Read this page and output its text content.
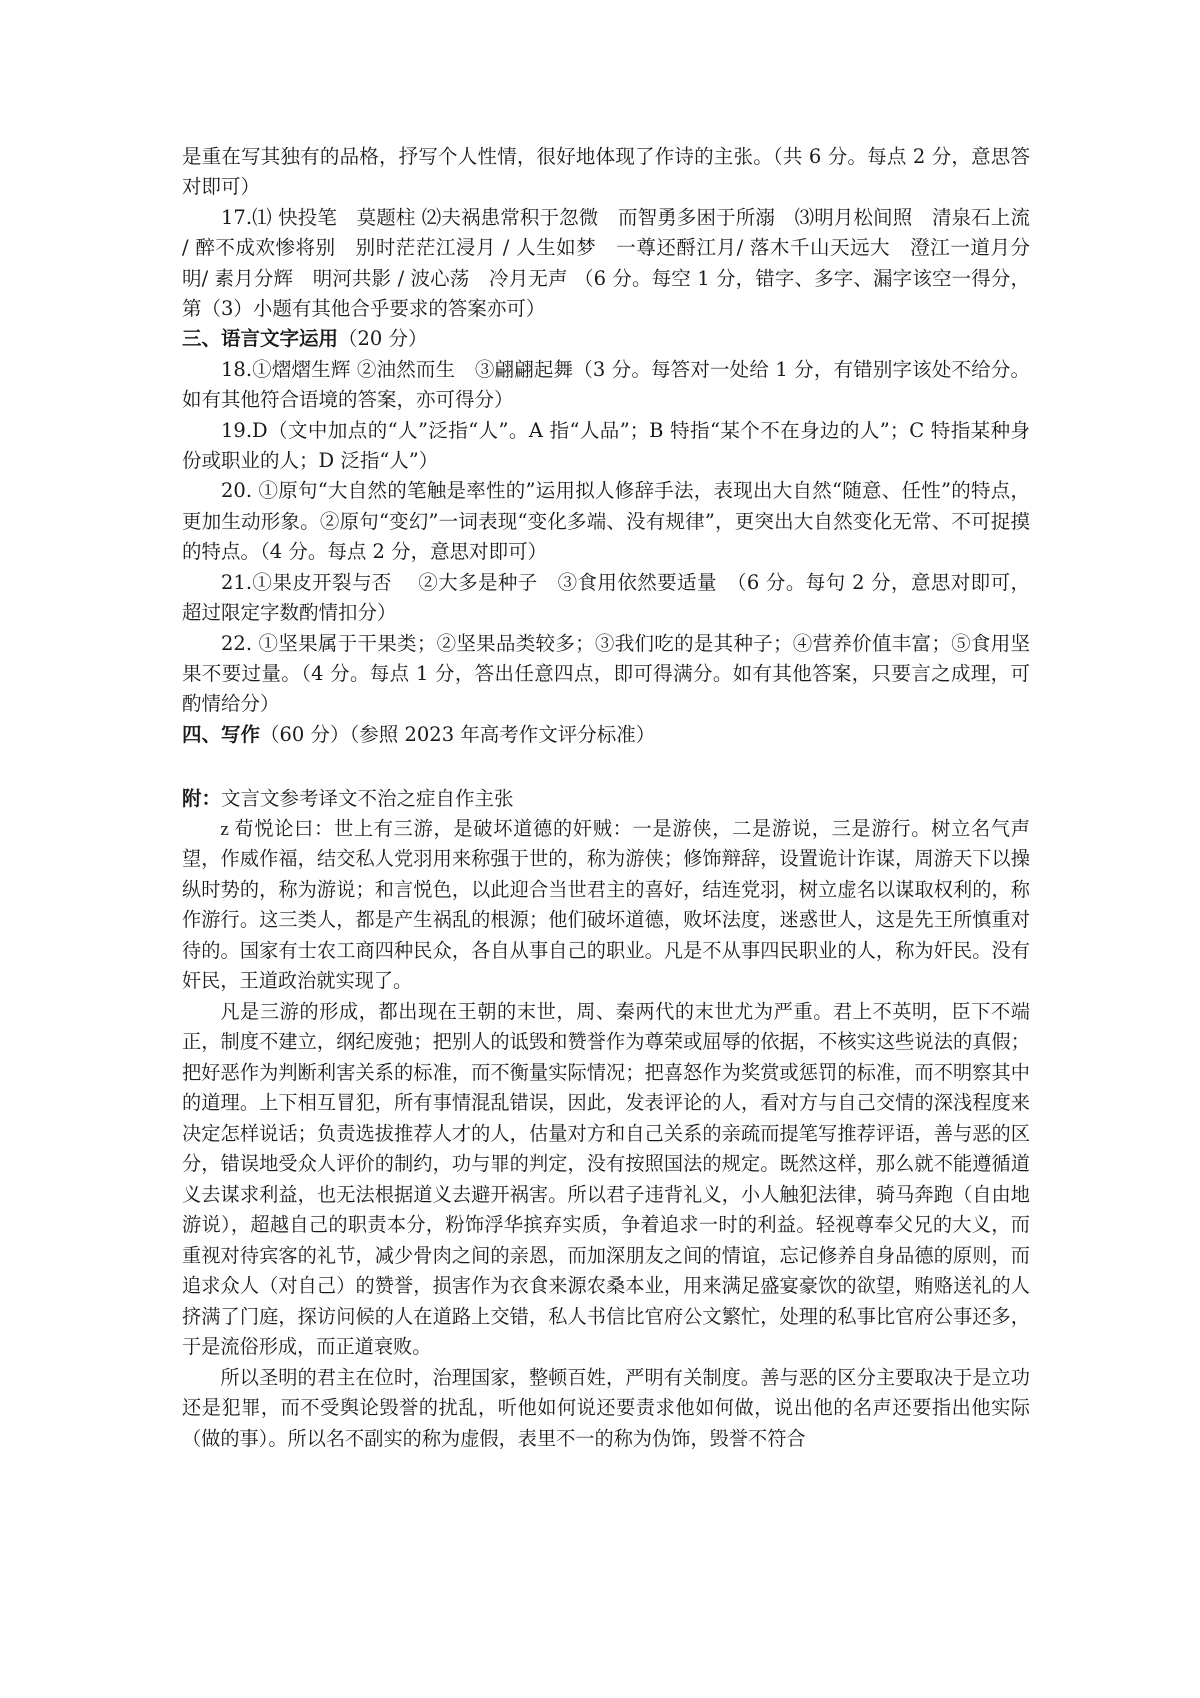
是重在写其独有的品格，抒写个人性情，很好地体现了作诗的主张。（共 6 分。每点 2 分，意思答对即可）

17.⑴ 快投笔　莫题柱 ⑵夫祸患常积于忽微　而智勇多困于所溺　⑶明月松间照　清泉石上流 / 醉不成欢惨将别　别时茫茫江浸月 / 人生如梦　一尊还酹江月/ 落木千山天远大　澄江一道月分明/ 素月分辉　明河共影 / 波心荡　冷月无声 （6 分。每空 1 分，错字、多字、漏字该空一得分，第（3）小题有其他合乎要求的答案亦可）

三、语言文字运用（20 分）

18.①熠熠生辉 ②油然而生　③翩翩起舞（3 分。每答对一处给 1 分，有错别字该处不给分。如有其他符合语境的答案，亦可得分）

19.D（文中加点的“人”泛指“人”。A 指“人品”；B 特指“某个不在身边的人”；C 特指某种身份或职业的人；D 泛指“人”）

20. ①原句“大自然的笔触是率性的”运用拟人修辞手法，表现出大自然“随意、任性”的特点，更加生动形象。②原句“变幻”一词表现“变化多端、没有规律”，更突出大自然变化无常、不可捉摸的特点。（4 分。每点 2 分，意思对即可）

21.①果皮开裂与否　 ②大多是种子　③食用依然要适量　（6 分。每句 2 分，意思对即可，超过限定字数酌情扣分）

22. ①坚果属于干果类；②坚果品类较多；③我们吃的是其种子；④营养价值丰富；⑤食用坚果不要过量。（4 分。每点 1 分，答出任意四点，即可得满分。如有其他答案，只要言之成理，可酌情给分）

四、写作（60 分）（参照 2023 年高考作文评分标准）

附：文言文参考译文不治之症自作主张

z 荀悦论曰：世上有三游，是破坏道德的奸贼：一是游侠，二是游说，三是游行。树立名气声望，作威作福，结交私人党羽用来称强于世的，称为游侠；修饰辩辞，设置诡计诈谋，周游天下以操纵时势的，称为游说；和言悦色，以此迎合当世君主的喜好，结连党羽，树立虚名以谋取权利的，称作游行。这三类人，都是产生祸乱的根源；他们破坏道德，败坏法度，迷惑世人，这是先王所慎重对待的。国家有士农工商四种民众，各自从事自己的职业。凡是不从事四民职业的人，称为奸民。没有奸民，王道政治就实现了。

凡是三游的形成，都出现在王朝的末世，周、秦两代的末世尤为严重。君上不英明，臣下不端正，制度不建立，纲纪废弛；把别人的诋毁和赞誉作为尊荣或屈辱的依据，不核实这些说法的真假；把好恶作为判断利害关系的标准，而不衡量实际情况；把喜怒作为奖赏或惩罚的标准，而不明察其中的道理。上下相互冒犯，所有事情混乱错误，因此，发表评论的人，看对方与自己交情的深浅程度来决定怎样说话；负责选拔推荐人才的人，估量对方和自己关系的亲疏而提笔写推荐评语，善与恶的区分，错误地受众人评价的制约，功与罪的判定，没有按照国法的规定。既然这样，那么就不能遵循道义去谋求利益，也无法根据道义去避开祸害。所以君子违背礼义，小人触犯法律，骑马奔跑（自由地游说），超越自己的职责本分，粉饰浮华摈弃实质，争着追求一时的利益。轻视尊奉父兄的大义，而重视对待宾客的礼节，减少骨肉之间的亲恩，而加深朋友之间的情谊，忘记修养自身品德的原则，而追求众人（对自己）的赞誉，损害作为衣食来源农桑本业，用来满足盛宴豪饮的欲望，贿赂送礼的人挤满了门庭，探访问候的人在道路上交错，私人书信比官府公文繁忙，处理的私事比官府公事还多，于是流俗形成，而正道衰败。

所以圣明的君主在位时，治理国家，整顿百姓，严明有关制度。善与恶的区分主要取决于是立功还是犯罪，而不受舆论毁誉的扰乱，听他如何说还要责求他如何做，说出他的名声还要指出他实际（做的事）。所以名不副实的称为虚假，表里不一的称为伪饰，毁誉不符合
